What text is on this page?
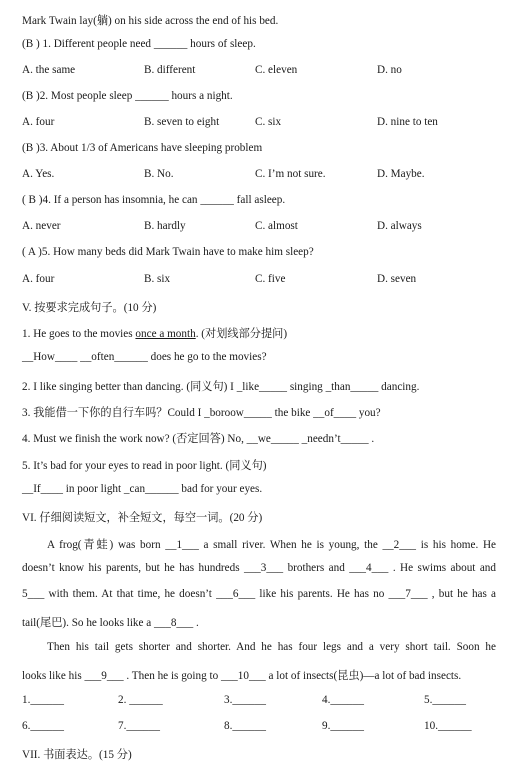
Mark Twain lay(躺) on his side across the end of his bed.
(B ) 1. Different people need ______ hours of sleep.
A. the same	B. different	C. eleven	D. no
(B )2. Most people sleep ______ hours a night.
A. four	B. seven to eight	C. six	D. nine to ten
(B )3. About 1/3 of Americans have sleeping problem
A. Yes.	B. No.	C. I’m not sure.	D. Maybe.
( B )4. If a person has insomnia, he can ______ fall asleep.
A. never	B. hardly	C. almost	D. always
( A )5. How many beds did Mark Twain have to make him sleep?
A. four	B. six	C. five	D. seven
V. 按要求完成句子。(10 分)
1. He goes to the movies once a month. (对划线部分提问)
__How____ __often______ does he go to the movies?
2. I like singing better than dancing. (同义句) I _like_____ singing _than_____ dancing.
3. 我能借一下你的自行车吗？Could I _boroow_____ the bike __of____ you?
4. Must we finish the work now? (否定回答) No, __we_____ _needn’t_____ .
5. It’s bad for your eyes to read in poor light. (同义句)
__If____ in poor light _can______ bad for your eyes.
VI. 仔细阅读短文，补全短文，每空一词。(20 分)
A frog(青蛙) was born __1___ a small river. When he is young, the __2___ is his home. He
doesn’t know his parents, but he has hundreds ___3___ brothers and ___4___ . He swims about and
5___ with them. At that time, he doesn’t ___6___ like his parents. He has no ___7___ , but he has a
tail(尾巴). So he looks like a ___8___ .
Then his tail gets shorter and shorter. And he has four legs and a very short tail. Soon he
looks like his ___9___ . Then he is going to ___10___ a lot of insects(昆虫)—a lot of bad insects.
1.______	2. ______	3.______	4.______	5.______
6.______	7.______	8.______	9.______	10.______
VII. 书面表达。(15 分)
